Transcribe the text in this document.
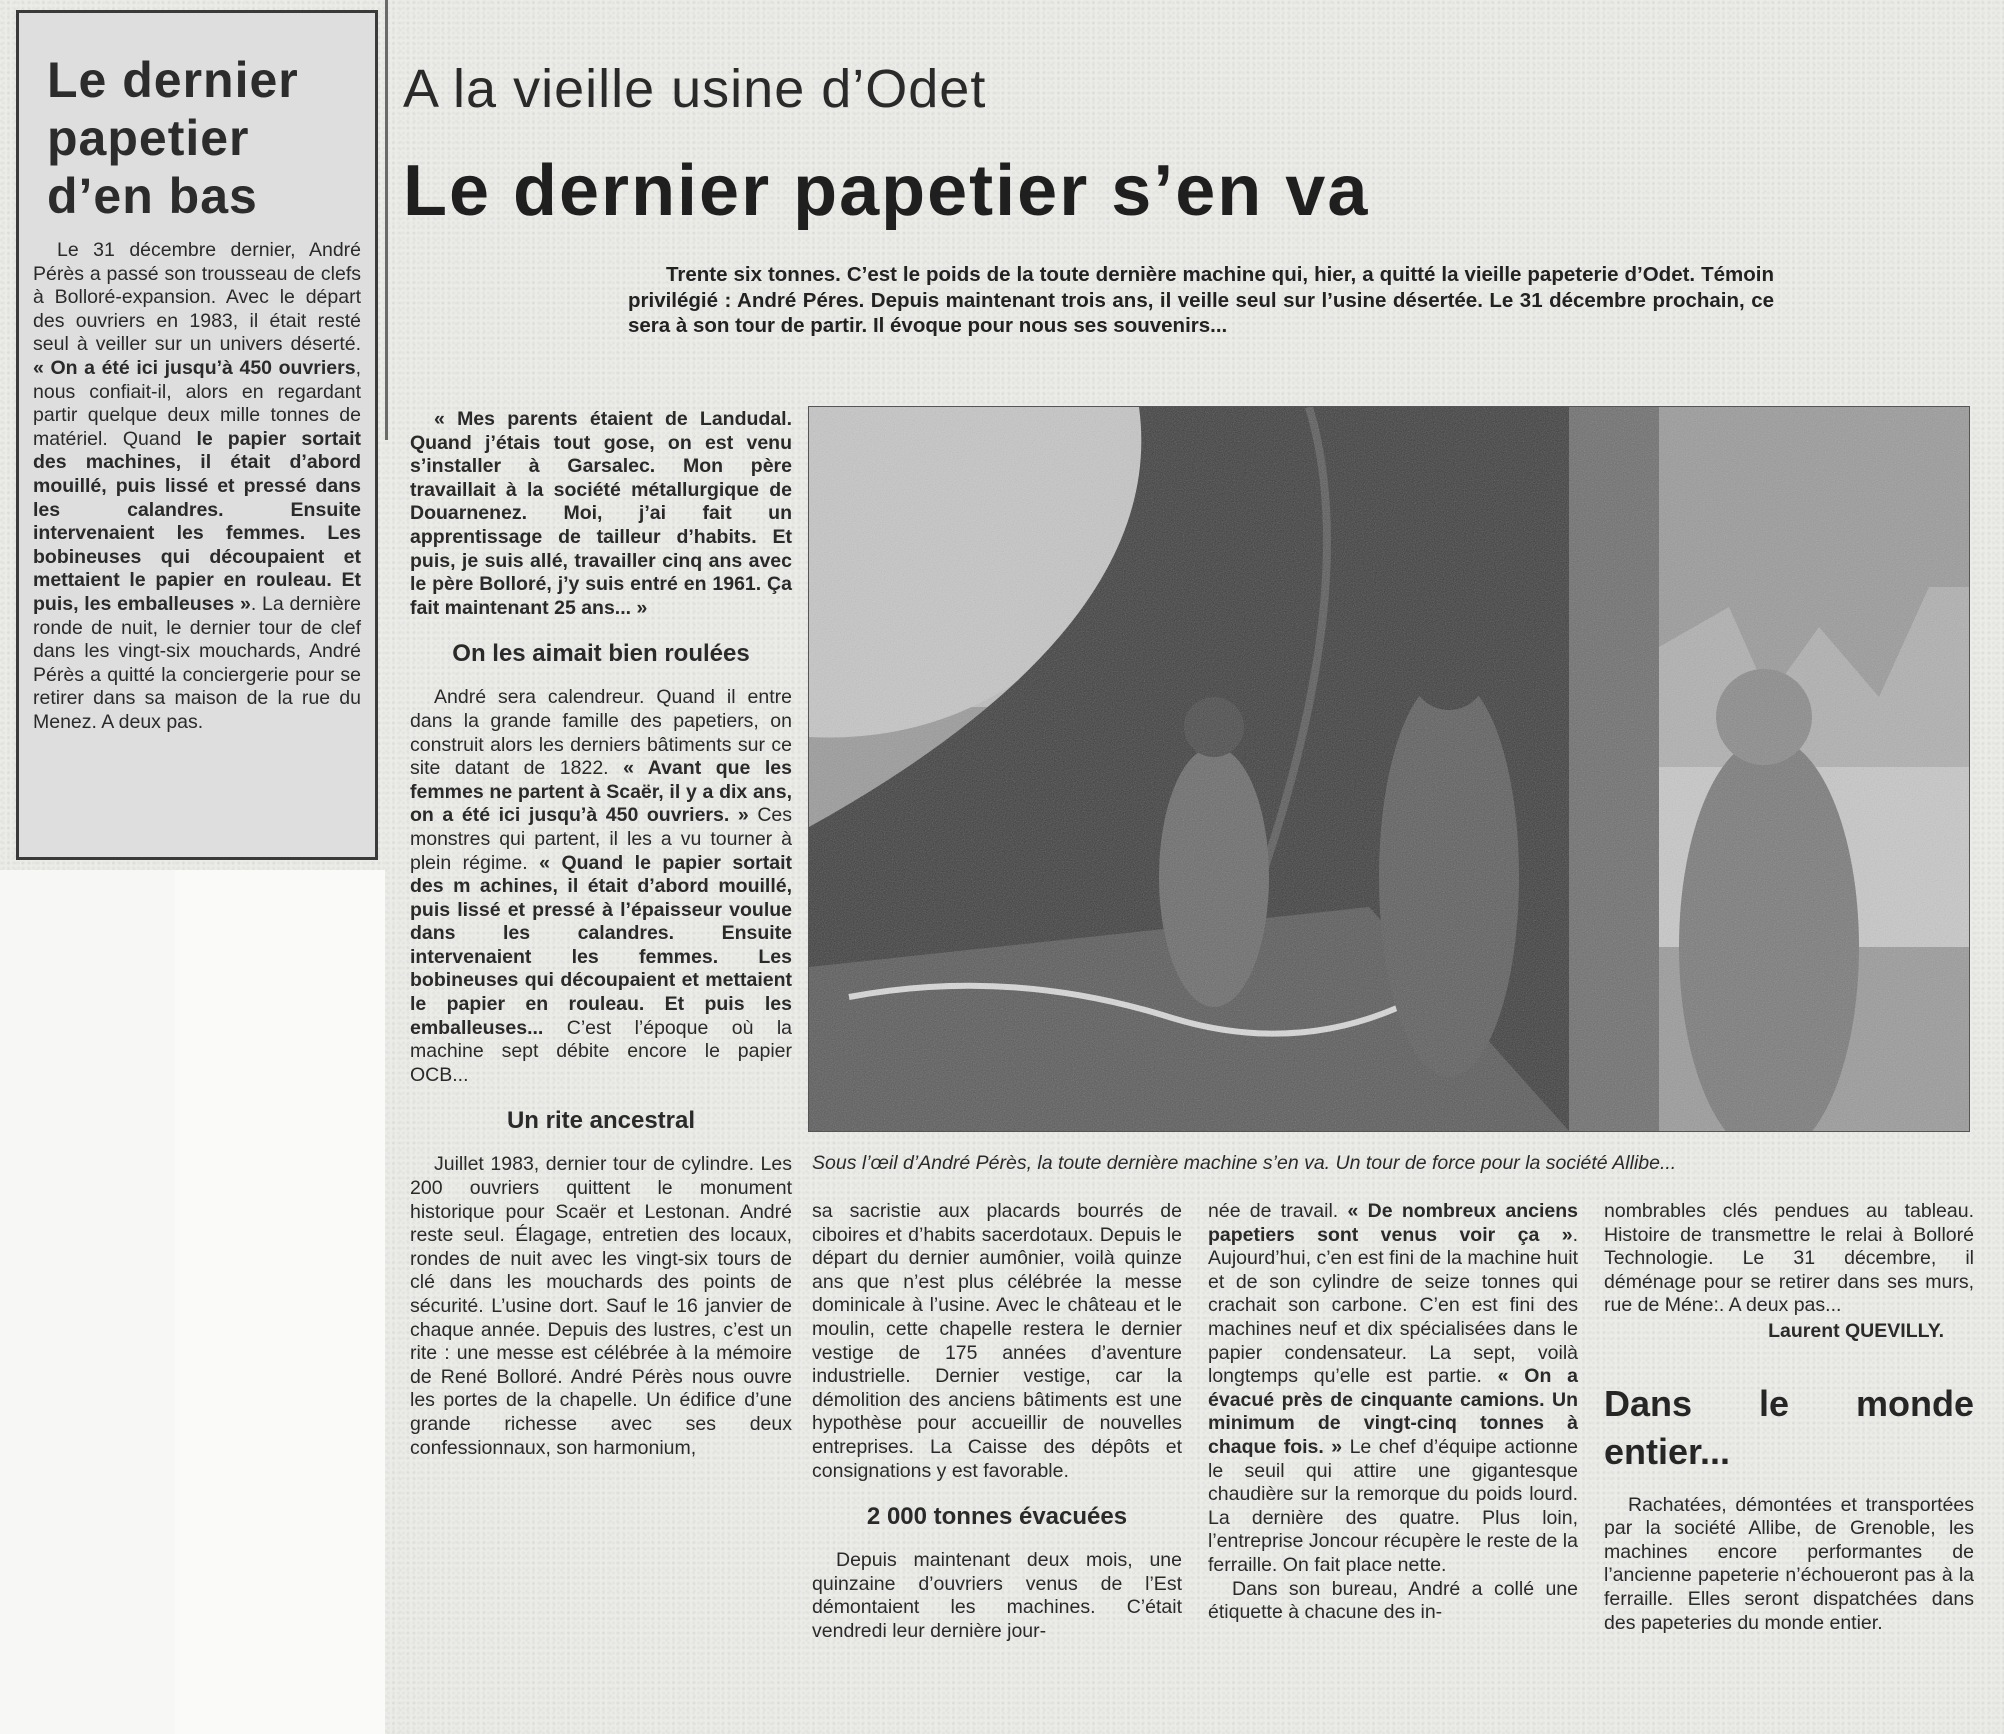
Le dernier
papetier
d’en bas
Le 31 décembre dernier, André Pérès a passé son trousseau de clefs à Bolloré-expansion. Avec le départ des ouvriers en 1983, il était resté seul à veiller sur un univers déserté. « On a été ici jusqu’à 450 ouvriers, nous confiait-il, alors en regardant partir quelque deux mille tonnes de matériel. Quand le papier sortait des machines, il était d’abord mouillé, puis lissé et pressé dans les calandres. Ensuite intervenaient les femmes. Les bobineuses qui découpaient et mettaient le papier en rouleau. Et puis, les emballeuses ». La dernière ronde de nuit, le dernier tour de clef dans les vingt-six mouchards, André Pérès a quitté la conciergerie pour se retirer dans sa maison de la rue du Menez. A deux pas.
A la vieille usine d’Odet
Le dernier papetier s’en va

Trente six tonnes. C’est le poids de la toute dernière machine qui, hier, a quitté la vieille papeterie d’Odet. Témoin privilégié : André Péres. Depuis maintenant trois ans, il veille seul sur l’usine désertée. Le 31 décembre prochain, ce sera à son tour de partir. Il évoque pour nous ses souvenirs...

« Mes parents étaient de Landudal. Quand j’étais tout gose, on est venu s’installer à Garsalec. Mon père travaillait à la société métallurgique de Douarnenez. Moi, j’ai fait un apprentissage de tailleur d’habits. Et puis, je suis allé, travailler cinq ans avec le père Bolloré, j’y suis entré en 1961. Ça fait maintenant 25 ans... »

On les aimait bien roulées

André sera calendreur. Quand il entre dans la grande famille des papetiers, on construit alors les derniers bâtiments sur ce site datant de 1822. « Avant que les femmes ne partent à Scaër, il y a dix ans, on a été ici jusqu’à 450 ouvriers. » Ces monstres qui partent, il les a vu tourner à plein régime. « Quand le papier sortait des m achines, il était d’abord mouillé, puis lissé et pressé à l’épaisseur voulue dans les calandres. Ensuite intervenaient les femmes. Les bobineuses qui découpaient et mettaient le papier en rouleau. Et puis les emballeuses... C’est l’époque où la machine sept débite encore le papier OCB...

Un rite ancestral

Juillet 1983, dernier tour de cylindre. Les 200 ouvriers quittent le monument historique pour Scaër et Lestonan. André reste seul. Élagage, entretien des locaux, rondes de nuit avec les vingt-six tours de clé dans les mouchards des points de sécurité. L’usine dort. Sauf le 16 janvier de chaque année. Depuis des lustres, c’est un rite : une messe est célébrée à la mémoire de René Bolloré. André Pérès nous ouvre les portes de la chapelle. Un édifice d’une grande richesse avec ses deux confessionnaux, son harmonium,

Sous l’œil d’André Pérès, la toute dernière machine s’en va. Un tour de force pour la société Allibe...

sa sacristie aux placards bourrés de ciboires et d’habits sacerdotaux. Depuis le départ du dernier aumônier, voilà quinze ans que n’est plus célébrée la messe dominicale à l’usine. Avec le château et le moulin, cette chapelle restera le dernier vestige de 175 années d’aventure industrielle. Dernier vestige, car la démolition des anciens bâtiments est une hypothèse pour accueillir de nouvelles entreprises. La Caisse des dépôts et consignations y est favorable.

2 000 tonnes évacuées

Depuis maintenant deux mois, une quinzaine d’ouvriers venus de l’Est démontaient les machines. C’était vendredi leur dernière jour-

née de travail. « De nombreux anciens papetiers sont venus voir ça ». Aujourd’hui, c’en est fini de la machine huit et de son cylindre de seize tonnes qui crachait son carbone. C’en est fini des machines neuf et dix spécialisées dans le papier condensateur. La sept, voilà longtemps qu’elle est partie. « On a évacué près de cinquante camions. Un minimum de vingt-cinq tonnes à chaque fois. » Le chef d’équipe actionne le seuil qui attire une gigantesque chaudière sur la remorque du poids lourd. La dernière des quatre. Plus loin, l’entreprise Joncour récupère le reste de la ferraille. On fait place nette.

Dans son bureau, André a collé une étiquette à chacune des in-

nombrables clés pendues au tableau. Histoire de transmettre le relai à Bolloré Technologie. Le 31 décembre, il déménage pour se retirer dans ses murs, rue de Méne:. A deux pas...

Laurent QUEVILLY.

Dans le monde entier...

Rachatées, démontées et transportées par la société Allibe, de Grenoble, les machines encore performantes de l’ancienne papeterie n’échoueront pas à la ferraille. Elles seront dispatchées dans des papeteries du monde entier.
